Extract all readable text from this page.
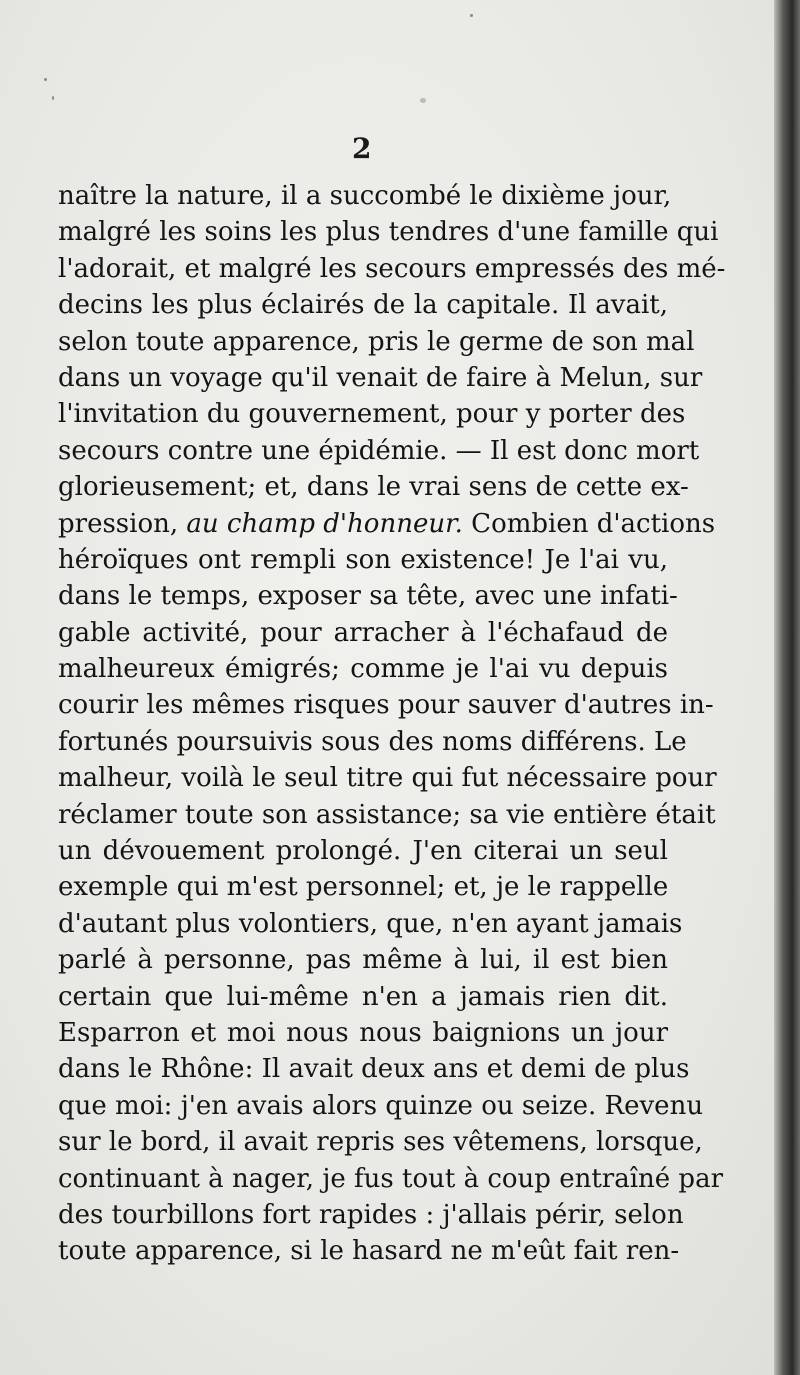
2
naître la nature, il a succombé le dixième jour,
malgré les soins les plus tendres d'une famille qui
l'adorait, et malgré les secours empressés des mé-
decins les plus éclairés de la capitale. Il avait,
selon toute apparence, pris le germe de son mal
dans un voyage qu'il venait de faire à Melun, sur
l'invitation du gouvernement, pour y porter des
secours contre une épidémie. — Il est donc mort
glorieusement; et, dans le vrai sens de cette ex-
pression, au champ d'honneur. Combien d'actions
héroïques ont rempli son existence! Je l'ai vu,
dans le temps, exposer sa tête, avec une infati-
gable activité, pour arracher à l'échafaud de
malheureux émigrés; comme je l'ai vu depuis
courir les mêmes risques pour sauver d'autres in-
fortunés poursuivis sous des noms différens. Le
malheur, voilà le seul titre qui fut nécessaire pour
réclamer toute son assistance; sa vie entière était
un dévouement prolongé. J'en citerai un seul
exemple qui m'est personnel; et, je le rappelle
d'autant plus volontiers, que, n'en ayant jamais
parlé à personne, pas même à lui, il est bien
certain que lui-même n'en a jamais rien dit.
Esparron et moi nous nous baignions un jour
dans le Rhône: Il avait deux ans et demi de plus
que moi: j'en avais alors quinze ou seize. Revenu
sur le bord, il avait repris ses vêtemens, lorsque,
continuant à nager, je fus tout à coup entraîné par
des tourbillons fort rapides : j'allais périr, selon
toute apparence, si le hasard ne m'eût fait ren-
